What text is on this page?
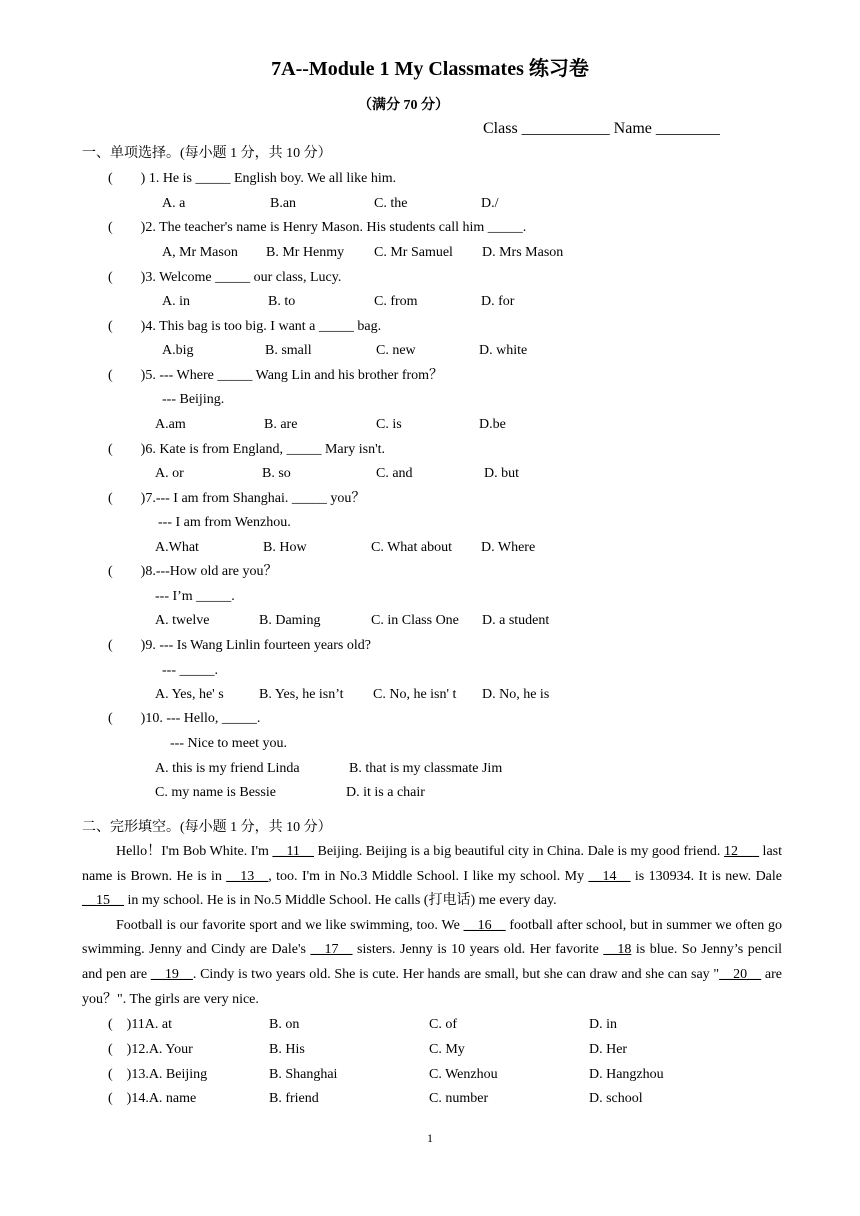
7A--Module 1 My Classmates 练习卷
（满分 70 分）
Class ___________ Name ________
一、单项选择。(每小题 1 分，共 10 分）
(        ) 1. He is _____ English boy. We all like him.
A. a	B.an	C. the	D./
(        )2. The teacher's name is Henry Mason. His students call him _____.
A, Mr Mason B. Mr Henmy C. Mr Samuel D. Mrs Mason
(        )3. Welcome _____ our class, Lucy.
A. in	B. to	C. from	D. for
(        )4. This bag is too big. I want a _____ bag.
A.big	B. small	C. new	D. white
(        )5. --- Where _____ Wang Lin and his brother from？
--- Beijing.
A.am	B. are	C. is	D.be
(        )6. Kate is from England, _____ Mary isn't.
A. or	B. so	C. and	D. but
(        )7.--- I am from Shanghai. _____ you？
--- I am from Wenzhou.
A.What	B. How	C. What about D. Where
(        )8.---How old are you？
--- I’m _____.
A. twelve	B. Daming	C. in Class One D. a student
(        )9. --- Is Wang Linlin fourteen years old?
--- _____.
A. Yes, he' s	B. Yes, he isn’t C. No, he isn' t D. No, he is
(        )10. --- Hello, _____.
--- Nice to meet you.
A. this is my friend Linda	B. that is my classmate Jim
C. my name is Bessie	D. it is a chair
二、完形填空。(每小题 1 分，共 10 分）

Hello！I'm Bob White. I'm __11__ Beijing. Beijing is a big beautiful city in China. Dale is my good friend. 12___ last name is Brown. He is in __13__, too. I'm in No.3 Middle School. I like my school. My __14__ is 130934. It is new. Dale __15__ in my school. He is in No.5 Middle School. He calls (打电话) me every day.

Football is our favorite sport and we like swimming, too. We __16__ football after school, but in summer we often go swimming. Jenny and Cindy are Dale's __17__ sisters. Jenny is 10 years old. Her favorite __18 is blue. So Jenny’s pencil and pen are __19__. Cindy is two years old. She is cute. Her hands are small, but she can draw and she can say "__20__ are you？". The girls are very nice.

(    )11A. at	B. on	C. of	D. in
(    )12.A. Your	B. His	C. My	D. Her
(    )13.A. Beijing	B. Shanghai	C. Wenzhou	D. Hangzhou
(    )14.A. name	B. friend	C. number	D. school
1
